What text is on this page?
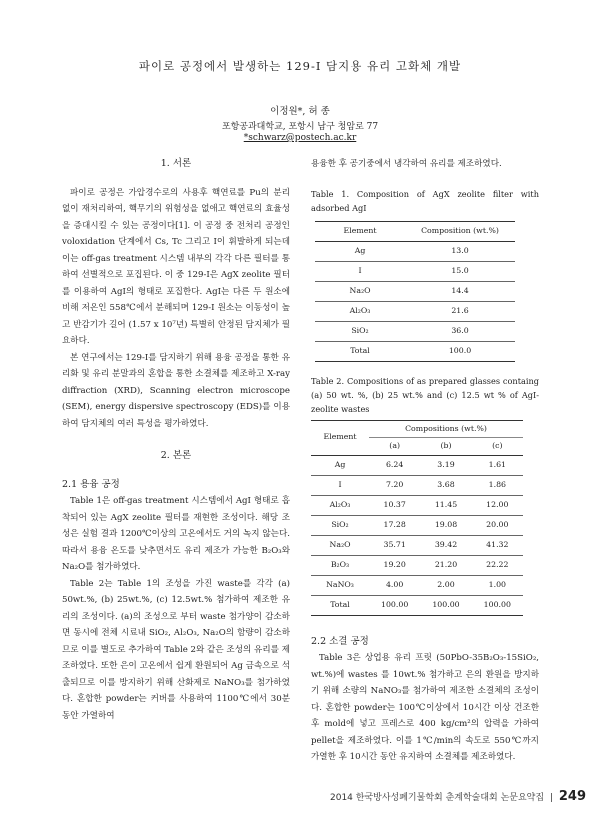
파이로 공정에서 발생하는 129-I 담지용 유리 고화체 개발
이정원*, 허 종
포항공과대학교, 포항시 남구 청암로 77
*schwarz@postech.ac.kr
1. 서론

파이로 공정은 가압경수로의 사용후 핵연료를 Pu의 분리 없이 재처리하여, 핵무기의 위험성을 없애고 핵연료의 효율성을 증대시킬 수 있는 공정이다[1]. 이 공정 중 전처리 공정인 voloxidation 단계에서 Cs, Tc 그리고 I이 휘발하게 되는데 이는 off-gas treatment 시스템 내부의 각각 다른 필터를 통하여 선별적으로 포집된다. 이 중 129-I은 AgX zeolite 필터를 이용하여 AgI의 형태로 포집한다. AgI는 다른 두 원소에 비해 저온인 558℃에서 분해되며 129-I 원소는 이동성이 높고 반감기가 길어 (1.57 x 10⁷년) 특별히 안정된 담지체가 필요하다.

본 연구에서는 129-I를 담지하기 위해 용융 공정을 통한 유리화 및 유리 분말과의 혼합을 통한 소결체를 제조하고 X-ray diffraction (XRD), Scanning electron microscope (SEM), energy dispersive spectroscopy (EDS)를 이용하여 담지체의 여러 특성을 평가하였다.

2. 본론
2.1 용융 공정

Table 1은 off-gas treatment 시스템에서 AgI 형태로 흡착되어 있는 AgX zeolite 필터를 재현한 조성이다. 해당 조성은 실험 결과 1200℃이상의 고온에서도 거의 녹지 않는다. 따라서 용융 온도를 낮추면서도 유리 제조가 가능한 B₂O₃와 Na₂O를 첨가하였다.

Table 2는 Table 1의 조성을 가진 waste를 각각 (a) 50wt.%, (b) 25wt.%, (c) 12.5wt.% 첨가하여 제조한 유리의 조성이다. (a)의 조성으로 부터 waste 첨가양이 감소하면 동시에 전체 시료내 SiO₂, Al₂O₃, Na₂O의 함량이 감소하므로 이를 별도로 추가하여 Table 2와 같은 조성의 유리를 제조하였다. 또한 은이 고온에서 쉽게 환원되어 Ag 금속으로 석출되므로 이를 방지하기 위해 산화제로 NaNO₃를 첨가하였다. 혼합한 powder는 커버를 사용하여 1100℃에서 30분 동안 가열하여

용융한 후 공기중에서 냉각하여 유리를 제조하였다.

Table 1. Composition of AgX zeolite filter with adsorbed AgI
Element	Composition (wt.%)
Ag	13.0
I	15.0
Na₂O	14.4
Al₂O₃	21.6
SiO₂	36.0
Total	100.0
Table 2. Compositions of as prepared glasses containg (a) 50 wt. %, (b) 25 wt.% and (c) 12.5 wt % of AgI-zeolite wastes
Element	Compositions (wt.%)		
	(a)	(b)	(c)
Ag	6.24	3.19	1.61
I	7.20	3.68	1.86
Al₂O₃	10.37	11.45	12.00
SiO₂	17.28	19.08	20.00
Na₂O	35.71	39.42	41.32
B₂O₃	19.20	21.20	22.22
NaNO₃	4.00	2.00	1.00
Total	100.00	100.00	100.00
2.2 소결 공정

Table 3은 상업용 유리 프릿 (50PbO-35B₂O₃-15SiO₂, wt.%)에 wastes 를 10wt.% 첨가하고 은의 환원을 방지하기 위해 소량의 NaNO₃를 첨가하여 제조한 소결체의 조성이다. 혼합한 powder는 100℃이상에서 10시간 이상 건조한 후 mold에 넣고 프레스로 400 kg/cm²의 압력을 가하여 pellet을 제조하였다. 이를 1℃/min의 속도로 550℃까지 가열한 후 10시간 동안 유지하여 소결체를 제조하였다.

2014 한국방사성폐기물학회 춘계학술대회 논문요약집 | 249
